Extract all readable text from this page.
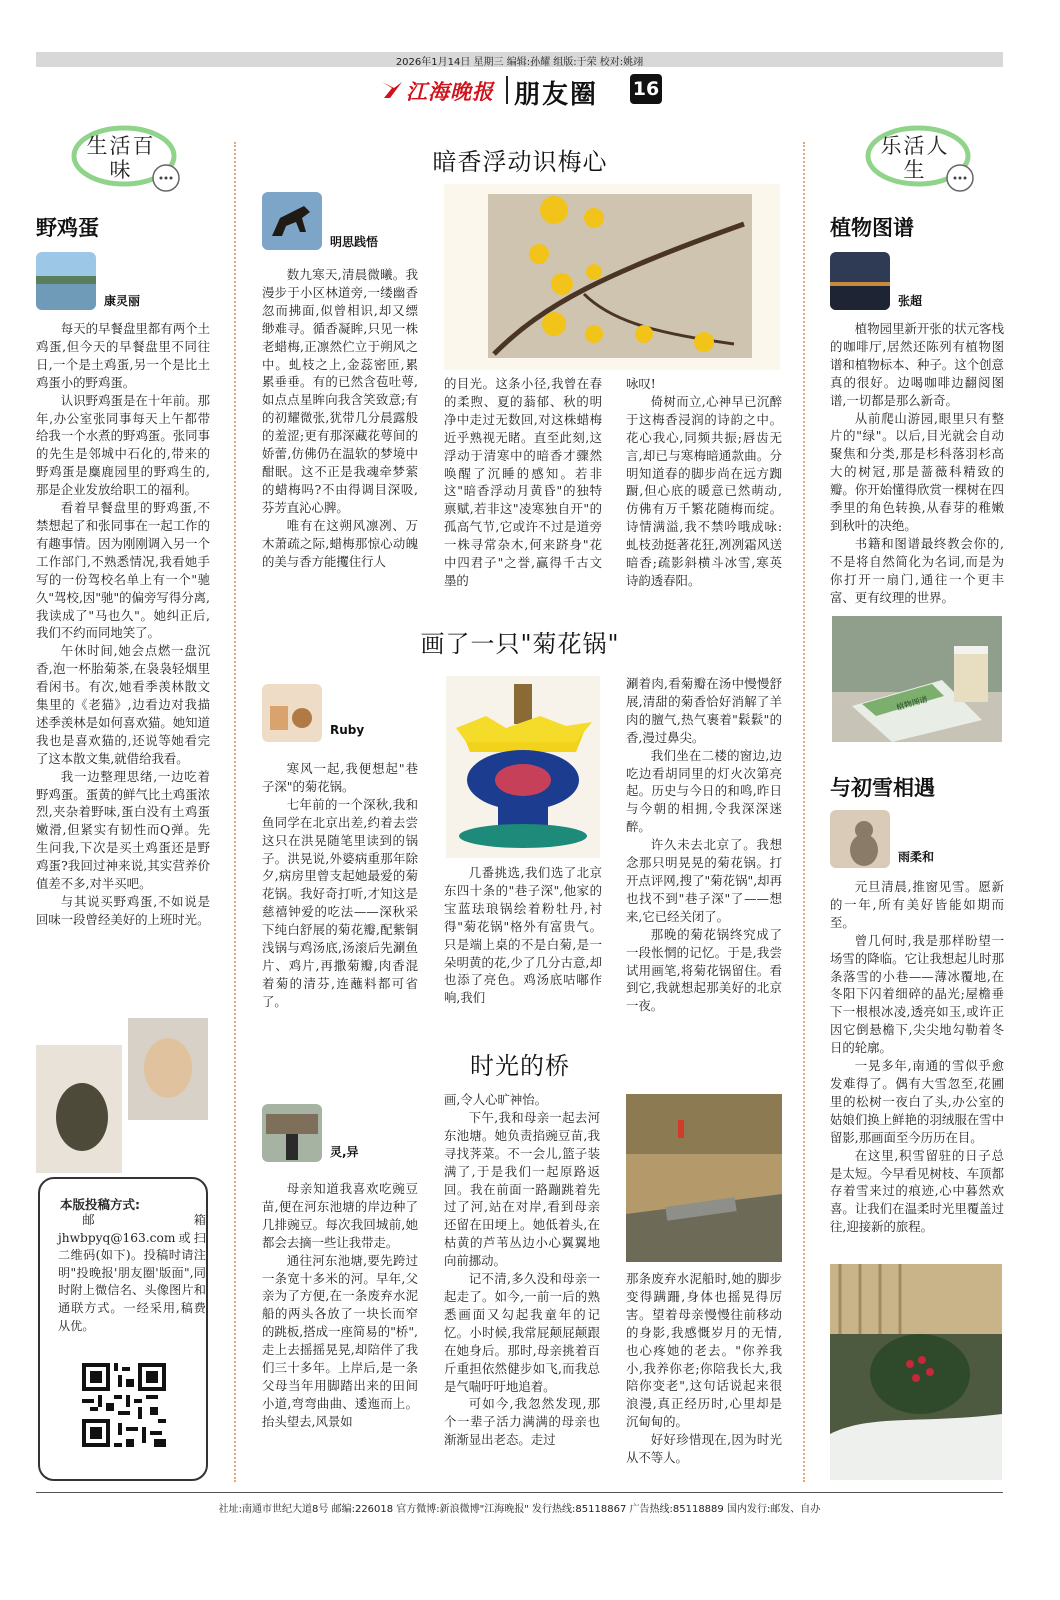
2026年1月14日 星期三 编辑:孙耀 组版:于荣 校对:姚翊
江海晚报 朋友圈 16
生活百味
乐活人生
野鸡蛋
康灵丽

每天的早餐盘里都有两个土鸡蛋,但今天的早餐盘里不同往日,一个是土鸡蛋,另一个是比土鸡蛋小的野鸡蛋。

认识野鸡蛋是在十年前。那年,办公室张同事每天上午都带给我一个水煮的野鸡蛋。张同事的先生是邻城中石化的,带来的野鸡蛋是麋鹿园里的野鸡生的,那是企业发放给职工的福利。

看着早餐盘里的野鸡蛋,不禁想起了和张同事在一起工作的有趣事情。因为刚刚调入另一个工作部门,不熟悉情况,我看她手写的一份驾校名单上有一个"驰久"驾校,因"驰"的偏旁写得分离,我读成了"马也久"。她纠正后,我们不约而同地笑了。

午休时间,她会点燃一盘沉香,泡一杯胎菊茶,在袅袅轻烟里看闲书。有次,她看季羡林散文集里的《老猫》,边看边对我描述季羡林是如何喜欢猫。她知道我也是喜欢猫的,还说等她看完了这本散文集,就借给我看。

我一边整理思绪,一边吃着野鸡蛋。蛋黄的鲜气比土鸡蛋浓烈,夹杂着野味,蛋白没有土鸡蛋嫩滑,但紧实有韧性而Q弹。先生问我,下次是买土鸡蛋还是野鸡蛋?我回过神来说,其实营养价值差不多,对半买吧。

与其说买野鸡蛋,不如说是回味一段曾经美好的上班时光。

本版投稿方式:

邮箱jhwbpyq@163.com或扫二维码(如下)。投稿时请注明"投晚报'朋友圈'版面",同时附上微信名、头像图片和通联方式。一经采用,稿费从优。

暗香浮动识梅心
明思践悟

数九寒天,清晨微曦。我漫步于小区林道旁,一缕幽香忽而拂面,似曾相识,却又缥缈难寻。循香凝眸,只见一株老蜡梅,正凛然伫立于朔风之中。虬枝之上,金蕊密匝,累累垂垂。有的已然含苞吐萼,如点点星眸向我含笑致意;有的初耀微张,犹带几分晨露般的羞涩;更有那深藏花萼间的娇蕾,仿佛仍在温软的梦境中酣眠。这不正是我魂牵梦萦的蜡梅吗?不由得调目深吸,芬芳直沁心脾。

唯有在这朔风凛冽、万木萧疏之际,蜡梅那惊心动魄的美与香方能攫住行人

的目光。这条小径,我曾在春的柔煦、夏的蓊郁、秋的明净中走过无数回,对这株蜡梅近乎熟视无睹。直至此刻,这浮动于清寒中的暗香才骤然唤醒了沉睡的感知。若非这"暗香浮动月黄昏"的独特禀赋,若非这"凌寒独自开"的孤高气节,它或许不过是道旁一株寻常杂木,何来跻身"花中四君子"之誉,赢得千古文墨的

咏叹!

倚树而立,心神早已沉醉于这梅香浸润的诗韵之中。花心我心,同频共振;唇齿无言,却已与寒梅暗通款曲。分明知道春的脚步尚在远方踟蹰,但心底的暖意已然萌动,仿佛有万千繁花随梅而绽。诗情满溢,我不禁吟哦成咏:虬枝劲挺著花狂,冽冽霜风送暗香;疏影斜横斗冰雪,寒英诗韵透春阳。

画了一只"菊花锅"
Ruby

寒风一起,我便想起"巷子深"的菊花锅。

七年前的一个深秋,我和鱼同学在北京出差,约着去尝这只在洪晃随笔里读到的锅子。洪晃说,外婆病重那年除夕,病房里曾支起她最爱的菊花锅。我好奇打听,才知这是慈禧钟爱的吃法——深秋采下纯白舒展的菊花瓣,配紫铜浅锅与鸡汤底,汤滚后先涮鱼片、鸡片,再撒菊瓣,肉香混着菊的清芬,连蘸料都可省了。

几番挑选,我们选了北京东四十条的"巷子深",他家的宝蓝珐琅锅绘着粉牡丹,衬得"菊花锅"格外有富贵气。只是端上桌的不是白菊,是一朵明黄的花,少了几分古意,却也添了亮色。鸡汤底咕嘟作响,我们

涮着肉,看菊瓣在汤中慢慢舒展,清甜的菊香恰好消解了羊肉的膻气,热气裹着"鬏鬏"的香,漫过鼻尖。

我们坐在二楼的窗边,边吃边看胡同里的灯火次第亮起。历史与今日的和鸣,昨日与今朝的相拥,令我深深迷醉。

许久未去北京了。我想念那只明晃晃的菊花锅。打开点评网,搜了"菊花锅",却再也找不到"巷子深"了——想来,它已经关闭了。

那晚的菊花锅终究成了一段怅惘的记忆。于是,我尝试用画笔,将菊花锅留住。看到它,我就想起那美好的北京一夜。

时光的桥
灵,异

母亲知道我喜欢吃豌豆苗,便在河东池塘的岸边种了几排豌豆。每次我回城前,她都会去摘一些让我带走。

通往河东池塘,要先跨过一条宽十多米的河。早年,父亲为了方便,在一条废弃水泥船的两头各放了一块长而窄的跳板,搭成一座简易的"桥",走上去摇摇晃晃,却陪伴了我们三十多年。上岸后,是一条父母当年用脚踏出来的田间小道,弯弯曲曲、逶迤而上。抬头望去,风景如

画,令人心旷神怡。

下午,我和母亲一起去河东池塘。她负责掐豌豆苗,我寻找荠菜。不一会儿,篮子装满了,于是我们一起原路返回。我在前面一路蹦跳着先过了河,站在对岸,看到母亲还留在田埂上。她低着头,在枯黄的芦苇丛边小心翼翼地向前挪动。

记不清,多久没和母亲一起走了。如今,一前一后的熟悉画面又勾起我童年的记忆。小时候,我常屁颠屁颠跟在她身后。那时,母亲挑着百斤重担依然健步如飞,而我总是气喘吁吁地追着。

可如今,我忽然发现,那个一辈子活力满满的母亲也渐渐显出老态。走过

那条废弃水泥船时,她的脚步变得蹒跚,身体也摇晃得厉害。望着母亲慢慢往前移动的身影,我感慨岁月的无情,也心疼她的老去。"你养我小,我养你老;你陪我长大,我陪你变老",这句话说起来很浪漫,真正经历时,心里却是沉甸甸的。

好好珍惜现在,因为时光从不等人。

植物图谱
张超

植物园里新开张的状元客栈的咖啡厅,居然还陈列有植物图谱和植物标本、种子。这个创意真的很好。边喝咖啡边翻阅图谱,一切都是那么新奇。

从前爬山游园,眼里只有整片的"绿"。以后,目光就会自动聚焦和分类,那是杉科落羽杉高大的树冠,那是蔷薇科精致的瓣。你开始懂得欣赏一棵树在四季里的角色转换,从春芽的稚嫩到秋叶的决绝。

书籍和图谱最终教会你的,不是将自然简化为名词,而是为你打开一扇门,通往一个更丰富、更有纹理的世界。

植物图谱
与初雪相遇
雨柔和

元旦清晨,推窗见雪。愿新的一年,所有美好皆能如期而至。

曾几何时,我是那样盼望一场雪的降临。它让我想起儿时那条落雪的小巷——薄冰覆地,在冬阳下闪着细碎的晶光;屋檐垂下一根根冰凌,透亮如玉,或许正因它倒悬檐下,尖尖地勾勒着冬日的轮廓。

一晃多年,南通的雪似乎愈发难得了。偶有大雪忽至,花圃里的松树一夜白了头,办公室的姑娘们换上鲜艳的羽绒服在雪中留影,那画面至今历历在目。

在这里,积雪留驻的日子总是太短。今早看见树枝、车顶都存着雪来过的痕迹,心中暮然欢喜。让我们在温柔时光里覆盖过往,迎接新的旅程。

社址:南通市世纪大道8号 邮编:226018 官方微博:新浪微博"江海晚报" 发行热线:85118867 广告热线:85118889 国内发行:邮发、自办
